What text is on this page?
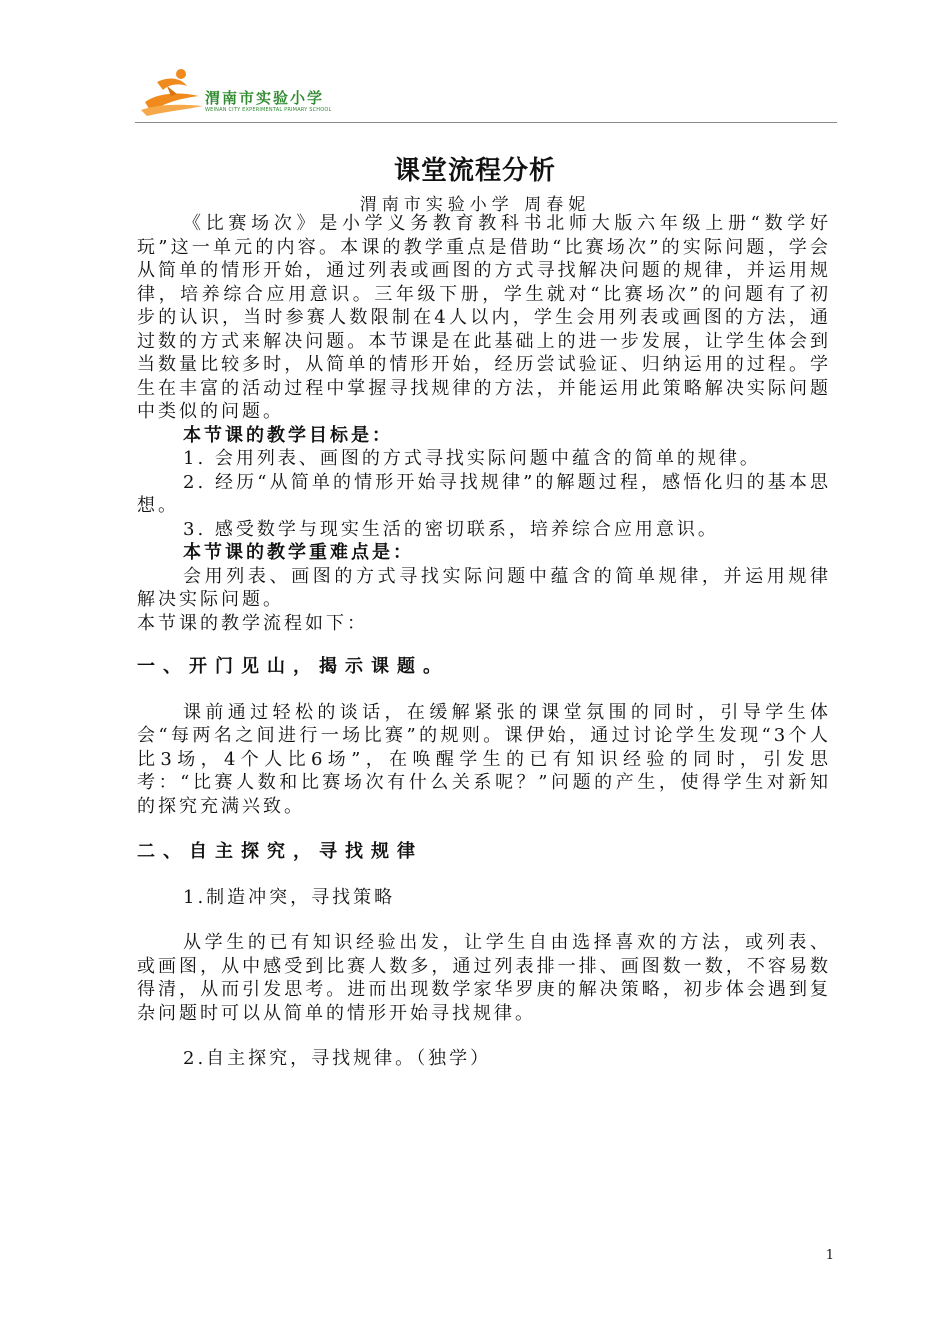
渭南市实验小学
WEINAN CITY EXPERIMENTAL PRIMARY SCHOOL
课堂流程分析
渭南市实验小学 周春妮

《比赛场次》是小学义务教育教科书北师大版六年级上册“数学好玩”这一单元的内容。本课的教学重点是借助“比赛场次”的实际问题，学会从简单的情形开始，通过列表或画图的方式寻找解决问题的规律，并运用规律，培养综合应用意识。三年级下册，学生就对“比赛场次”的问题有了初步的认识，当时参赛人数限制在4人以内，学生会用列表或画图的方法，通过数的方式来解决问题。本节课是在此基础上的进一步发展，让学生体会到当数量比较多时，从简单的情形开始，经历尝试验证、归纳运用的过程。学生在丰富的活动过程中掌握寻找规律的方法，并能运用此策略解决实际问题中类似的问题。

本节课的教学目标是：

1. 会用列表、画图的方式寻找实际问题中蕴含的简单的规律。

2. 经历“从简单的情形开始寻找规律”的解题过程，感悟化归的基本思想。

3. 感受数学与现实生活的密切联系，培养综合应用意识。

本节课的教学重难点是：

会用列表、画图的方式寻找实际问题中蕴含的简单规律，并运用规律解决实际问题。

本节课的教学流程如下：

一、开门见山，揭示课题。

课前通过轻松的谈话，在缓解紧张的课堂氛围的同时，引导学生体会“每两名之间进行一场比赛”的规则。课伊始，通过讨论学生发现“3个人比3场，4个人比6场”，在唤醒学生的已有知识经验的同时，引发思考：“比赛人数和比赛场次有什么关系呢？”问题的产生，使得学生对新知的探究充满兴致。

二、自主探究，寻找规律

1.制造冲突，寻找策略

从学生的已有知识经验出发，让学生自由选择喜欢的方法，或列表、或画图，从中感受到比赛人数多，通过列表排一排、画图数一数，不容易数得清，从而引发思考。进而出现数学家华罗庚的解决策略，初步体会遇到复杂问题时可以从简单的情形开始寻找规律。

2.自主探究，寻找规律。（独学）

1
